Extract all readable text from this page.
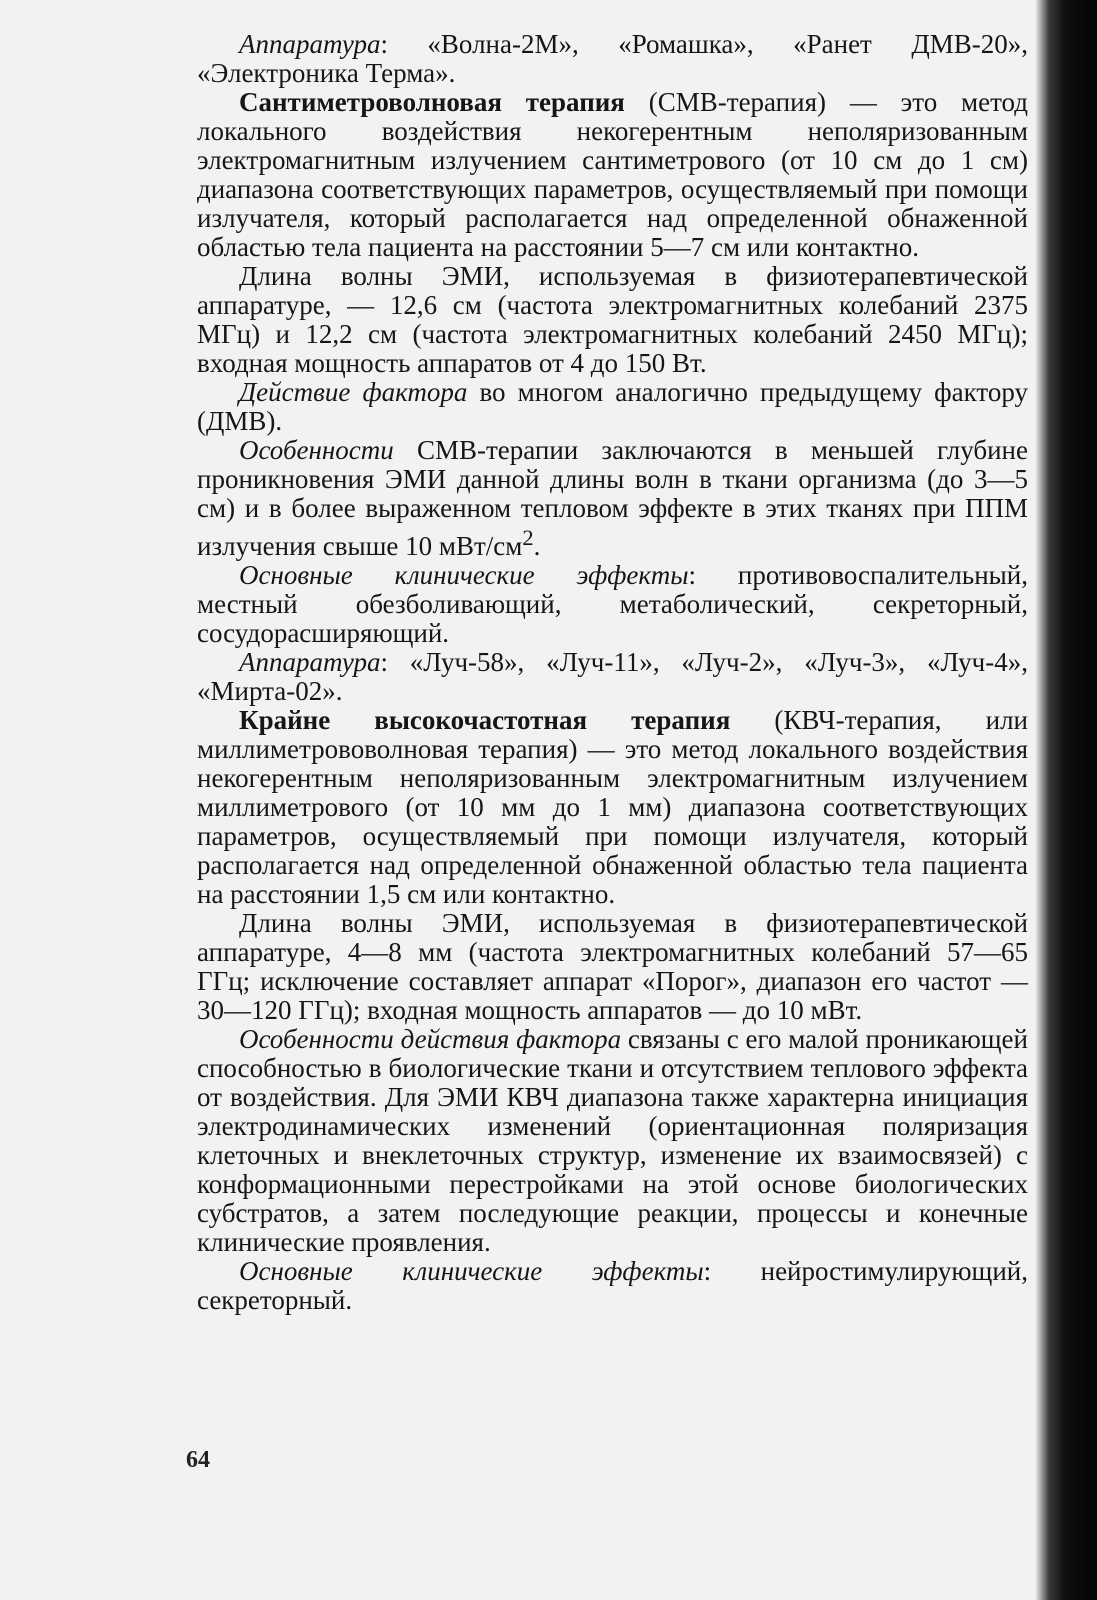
Аппаратура: «Волна-2М», «Ромашка», «Ранет ДМВ-20», «Электроника Терма».

Сантиметроволновая терапия (СМВ-терапия) — это метод локального воздействия некогерентным неполяризованным электромагнитным излучением сантиметрового (от 10 см до 1 см) диапазона соответствующих параметров, осуществляемый при помощи излучателя, который располагается над определенной обнаженной областью тела пациента на расстоянии 5—7 см или контактно.

Длина волны ЭМИ, используемая в физиотерапевтической аппаратуре, — 12,6 см (частота электромагнитных колебаний 2375 МГц) и 12,2 см (частота электромагнитных колебаний 2450 МГц); входная мощность аппаратов от 4 до 150 Вт.

Действие фактора во многом аналогично предыдущему фактору (ДМВ).

Особенности СМВ-терапии заключаются в меньшей глубине проникновения ЭМИ данной длины волн в ткани организма (до 3—5 см) и в более выраженном тепловом эффекте в этих тканях при ППМ излучения свыше 10 мВт/$см^2$.

Основные клинические эффекты: противовоспалительный, местный обезболивающий, метаболический, секреторный, сосудорасширяющий.

Аппаратура: «Луч-58», «Луч-11», «Луч-2», «Луч-3», «Луч-4», «Мирта-02».

Крайне высокочастотная терапия (КВЧ-терапия, или миллиметрововолновая терапия) — это метод локального воздействия некогерентным неполяризованным электромагнитным излучением миллиметрового (от 10 мм до 1 мм) диапазона соответствующих параметров, осуществляемый при помощи излучателя, который располагается над определенной обнаженной областью тела пациента на расстоянии 1,5 см или контактно.

Длина волны ЭМИ, используемая в физиотерапевтической аппаратуре, 4—8 мм (частота электромагнитных колебаний 57—65 ГГц; исключение составляет аппарат «Порог», диапазон его частот — 30—120 ГГц); входная мощность аппаратов — до 10 мВт.

Особенности действия фактора связаны с его малой проникающей способностью в биологические ткани и отсутствием теплового эффекта от воздействия. Для ЭМИ КВЧ диапазона также характерна инициация электродинамических изменений (ориентационная поляризация клеточных и внеклеточных структур, изменение их взаимосвязей) с конформационными перестройками на этой основе биологических субстратов, а затем последующие реакции, процессы и конечные клинические проявления.

Основные клинические эффекты: нейростимулирующий, секреторный.

64
